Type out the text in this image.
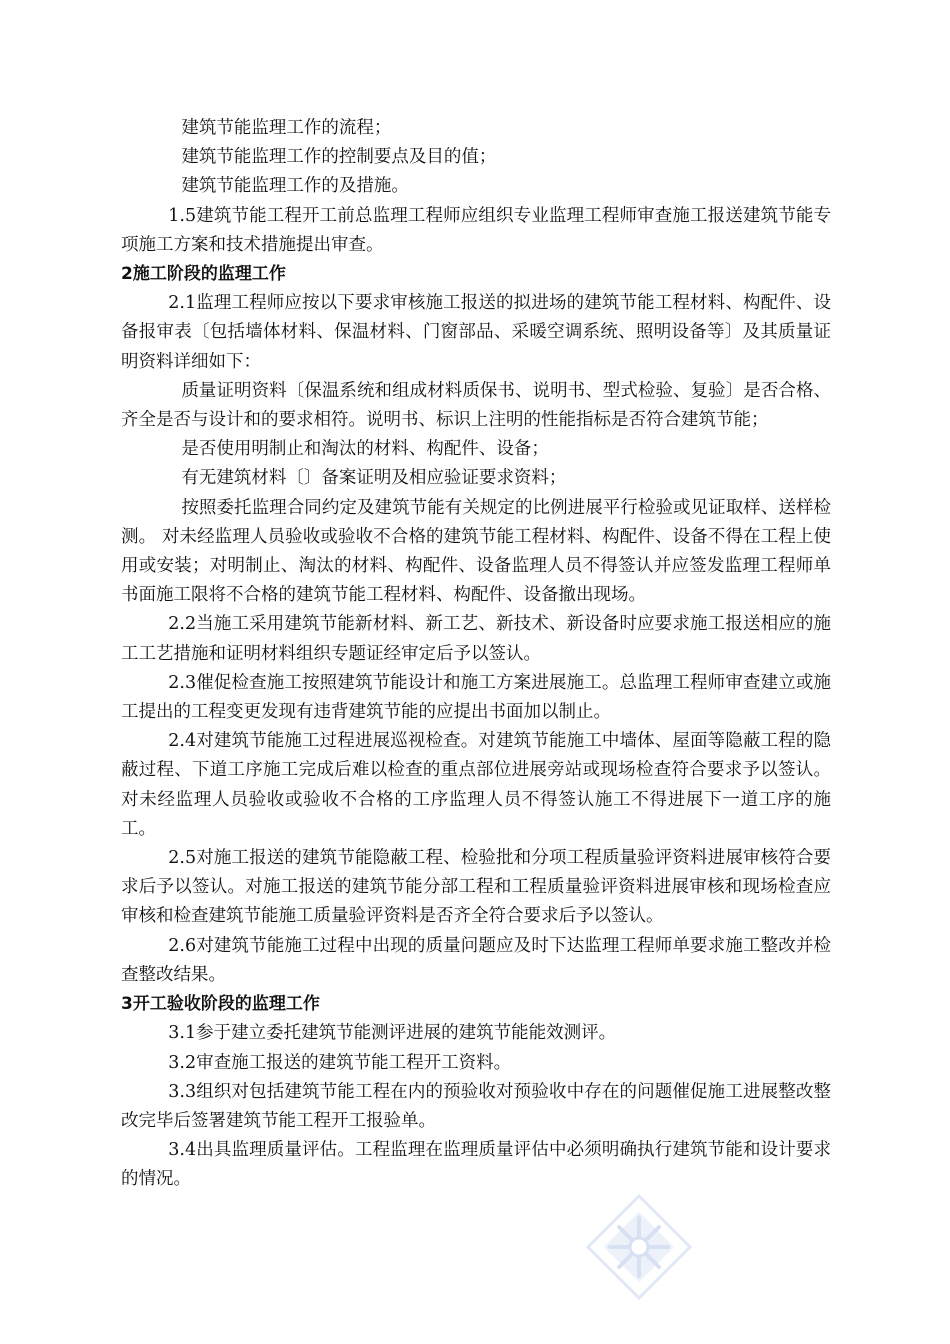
建筑节能监理工作的流程；

建筑节能监理工作的控制要点及目的值；

建筑节能监理工作的及措施。

1.5建筑节能工程开工前总监理工程师应组织专业监理工程师审查施工报送建筑节能专项施工方案和技术措施提出审查。

2施工阶段的监理工作

2.1监理工程师应按以下要求审核施工报送的拟进场的建筑节能工程材料、构配件、设备报审表〔包括墙体材料、保温材料、门窗部品、采暖空调系统、照明设备等〕及其质量证明资料详细如下：

质量证明资料〔保温系统和组成材料质保书、说明书、型式检验、复验〕是否合格、齐全是否与设计和的要求相符。说明书、标识上注明的性能指标是否符合建筑节能；

是否使用明制止和淘汰的材料、构配件、设备；

有无建筑材料〔〕备案证明及相应验证要求资料；

按照委托监理合同约定及建筑节能有关规定的比例进展平行检验或见证取样、送样检测。 对未经监理人员验收或验收不合格的建筑节能工程材料、构配件、设备不得在工程上使用或安装；对明制止、淘汰的材料、构配件、设备监理人员不得签认并应签发监理工程师单书面施工限将不合格的建筑节能工程材料、构配件、设备撤出现场。

2.2当施工采用建筑节能新材料、新工艺、新技术、新设备时应要求施工报送相应的施工工艺措施和证明材料组织专题证经审定后予以签认。

2.3催促检查施工按照建筑节能设计和施工方案进展施工。总监理工程师审查建立或施工提出的工程变更发现有违背建筑节能的应提出书面加以制止。

2.4对建筑节能施工过程进展巡视检查。对建筑节能施工中墙体、屋面等隐蔽工程的隐蔽过程、下道工序施工完成后难以检查的重点部位进展旁站或现场检查符合要求予以签认。对未经监理人员验收或验收不合格的工序监理人员不得签认施工不得进展下一道工序的施工。

2.5对施工报送的建筑节能隐蔽工程、检验批和分项工程质量验评资料进展审核符合要求后予以签认。对施工报送的建筑节能分部工程和工程质量验评资料进展审核和现场检查应审核和检查建筑节能施工质量验评资料是否齐全符合要求后予以签认。

2.6对建筑节能施工过程中出现的质量问题应及时下达监理工程师单要求施工整改并检查整改结果。

3开工验收阶段的监理工作

3.1参于建立委托建筑节能测评进展的建筑节能能效测评。

3.2审查施工报送的建筑节能工程开工资料。

3.3组织对包括建筑节能工程在内的预验收对预验收中存在的问题催促施工进展整改整改完毕后签署建筑节能工程开工报验单。

3.4出具监理质量评估。工程监理在监理质量评估中必须明确执行建筑节能和设计要求的情况。
